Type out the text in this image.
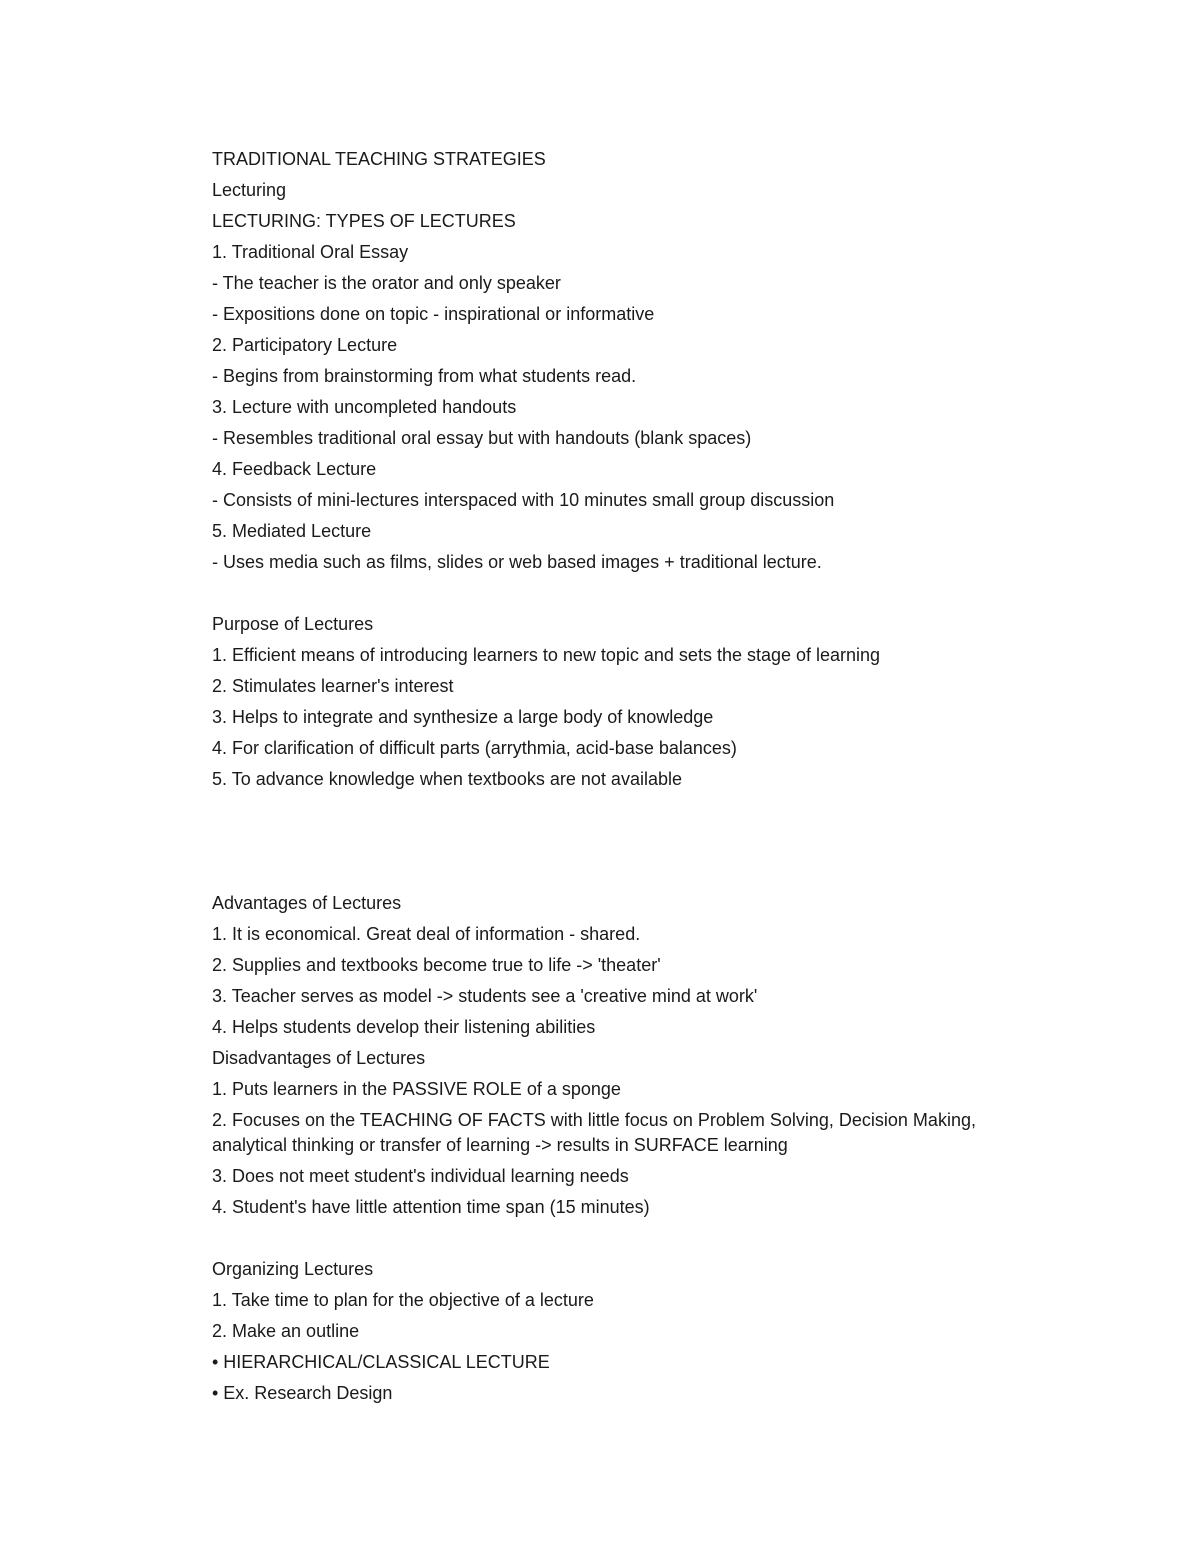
TRADITIONAL TEACHING STRATEGIES
Lecturing
LECTURING: TYPES OF LECTURES
1. Traditional Oral Essay
- The teacher is the orator and only speaker
- Expositions done on topic - inspirational or informative
2. Participatory Lecture
- Begins from brainstorming from what students read.
3. Lecture with uncompleted handouts
- Resembles traditional oral essay but with handouts (blank spaces)
4. Feedback Lecture
- Consists of mini-lectures interspaced with 10 minutes small group discussion
5. Mediated Lecture
- Uses media such as films, slides or web based images + traditional lecture.
Purpose of Lectures
1. Efficient means of introducing learners to new topic and sets the stage of learning
2. Stimulates learner's interest
3. Helps to integrate and synthesize a large body of knowledge
4. For clarification of difficult parts (arrythmia, acid-base balances)
5. To advance knowledge when textbooks are not available
Advantages of Lectures
1. It is economical. Great deal of information - shared.
2. Supplies and textbooks become true to life -> 'theater'
3. Teacher serves as model -> students see a 'creative mind at work'
4. Helps students develop their listening abilities
Disadvantages of Lectures
1. Puts learners in the PASSIVE ROLE of a sponge
2. Focuses on the TEACHING OF FACTS with little focus on Problem Solving, Decision Making, analytical thinking or transfer of learning -> results in SURFACE learning
3. Does not meet student's individual learning needs
4. Student's have little attention time span (15 minutes)
Organizing Lectures
1. Take time to plan for the objective of a lecture
2. Make an outline
• HIERARCHICAL/CLASSICAL LECTURE
• Ex. Research Design
